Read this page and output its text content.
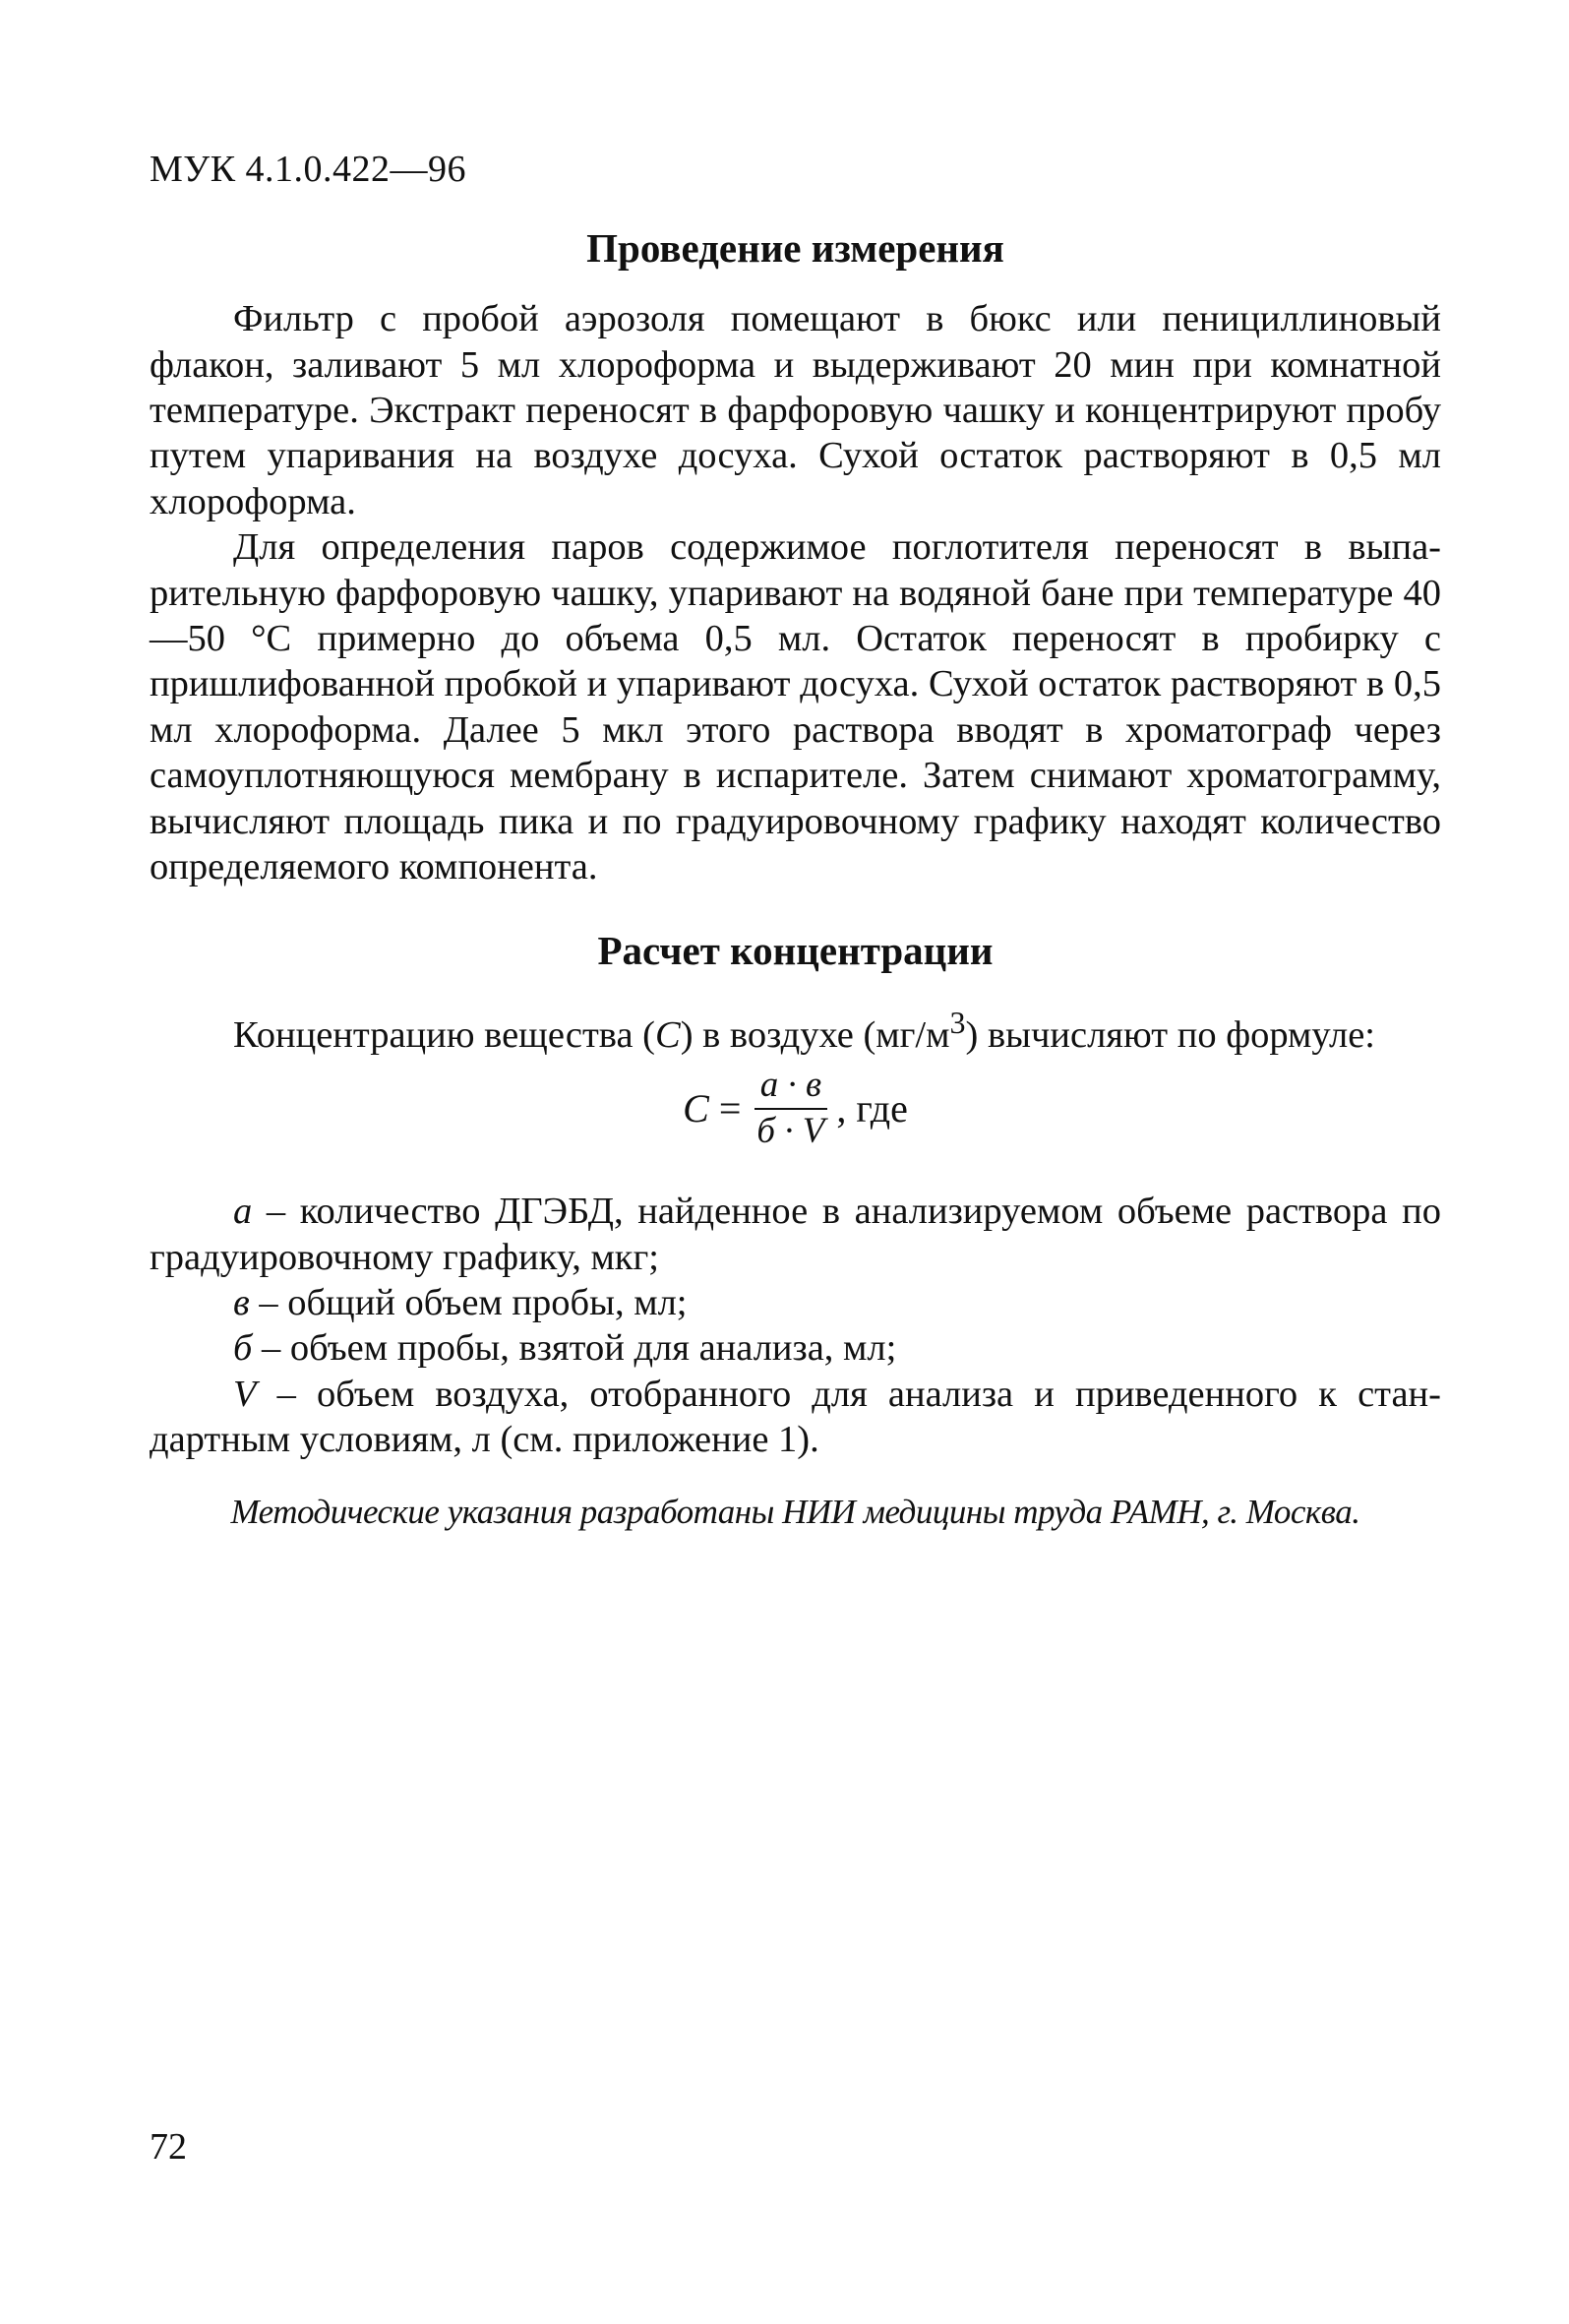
МУК 4.1.0.422—96
Проведение измерения

Фильтр с пробой аэрозоля помещают в бюкс или пенициллиновый флакон, заливают 5 мл хлороформа и выдерживают 20 мин при комнатной температуре. Экстракт переносят в фарфоровую чашку и концентрируют пробу путем упаривания на воздухе досуха. Сухой остаток растворяют в 0,5 мл хлороформа.

Для определения паров содержимое поглотителя переносят в выпарительную фарфоровую чашку, упаривают на водяной бане при температуре 40—50 °С примерно до объема 0,5 мл. Остаток переносят в пробирку с пришлифованной пробкой и упаривают досуха. Сухой остаток растворяют в 0,5 мл хлороформа. Далее 5 мкл этого раствора вводят в хроматограф через самоуплотняющуюся мембрану в испарителе. Затем снимают хроматограмму, вычисляют площадь пика и по градуировочному графику находят количество определяемого компонента.

Расчет концентрации

Концентрацию вещества (С) в воздухе $(мг/м^3)$ вычисляют по формуле:

$С = \frac{а \cdot в}{б \cdot V}$ , где

а – количество ДГЭБД, найденное в анализируемом объеме раствора по градуировочному графику, мкг;

в – общий объем пробы, мл;

б – объем пробы, взятой для анализа, мл;

V – объем воздуха, отобранного для анализа и приведенного к стандартным условиям, л (см. приложение 1).

Методические указания разработаны НИИ медицины труда РАМН, г. Москва.
72
